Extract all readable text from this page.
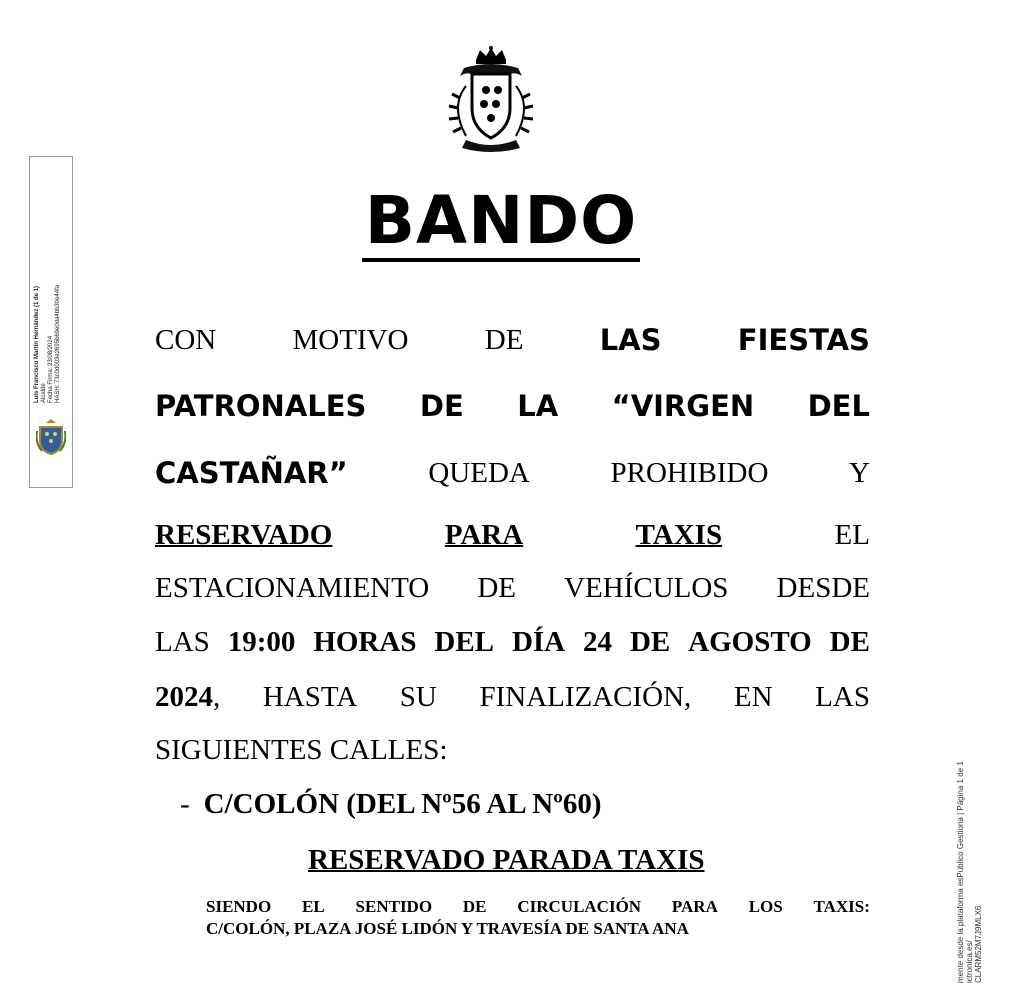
BANDO
CON	MOTIVO	DE	LAS	FIESTAS
PATRONALES DE LA “VIRGEN DEL
CASTAÑAR”	QUEDA	PROHIBIDO	Y
RESERVADO	PARA	TAXIS	EL
ESTACIONAMIENTO DE VEHÍCULOS DESDE
LAS 19:00 HORAS DEL DÍA 24 DE AGOSTO DE
2024, HASTA SU FINALIZACIÓN, EN LAS
SIGUIENTES CALLES:
- C/COLÓN (DEL Nº56 AL Nº60)
RESERVADO PARADA TAXIS
SIENDO EL SENTIDO DE CIRCULACIÓN PARA LOS TAXIS:
C/COLÓN, PLAZA JOSÉ LIDÓN Y TRAVESÍA DE SANTA ANA
Luis Francisco Martín Hernández (1 de 1) Alcalde Fecha Firma: 23/08/2024 HASH: 73c0d003e2695b69e0da4bb30e44fa
mente desde la plataforma esPublico Gestiona | Página 1 de 1 ictronica.es/ CLARM52M7J9MLX6
